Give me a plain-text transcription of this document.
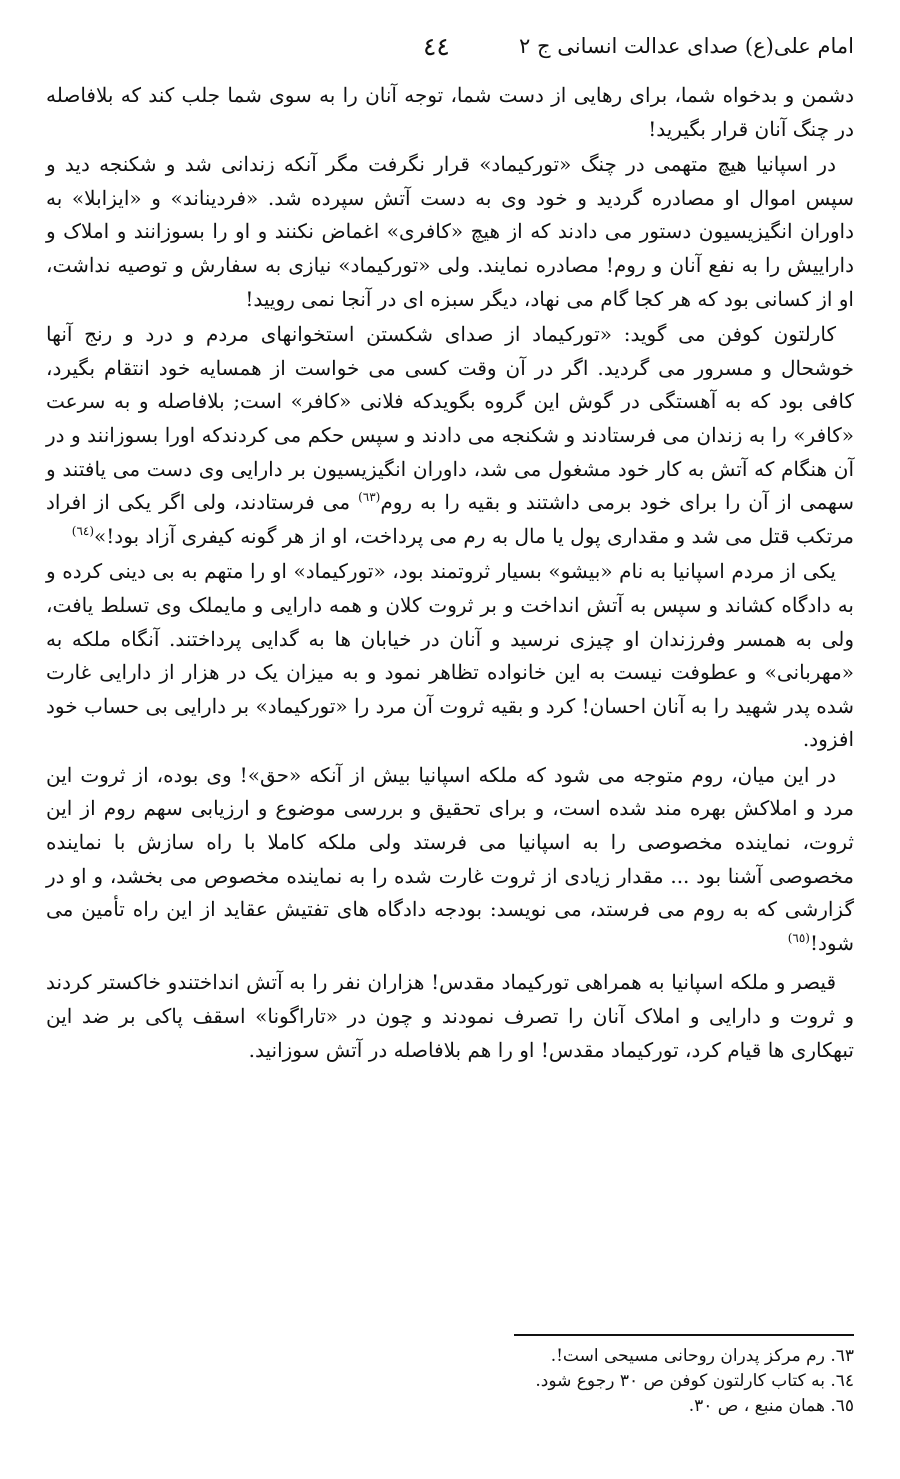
امام علی(ع) صدای عدالت انسانی ج ۲
٤٤

دشمن و بدخواه شما، برای رهایی از دست شما، توجه آنان را به سوی شما جلب کند که بلافاصله در چنگ آنان قرار بگیرید!

در اسپانیا هیچ متهمی در چنگ «تورکیماد» قرار نگرفت مگر آنکه زندانی شد و شکنجه دید و سپس اموال او مصادره گردید و خود وی به دست آتش سپرده شد. «فردیناند» و «ایزابلا» به داوران انگیزیسیون دستور می دادند که از هیچ «کافری» اغماض نکنند و او را بسوزانند و املاک و داراییش را به نفع آنان و روم! مصادره نمایند. ولی «تورکیماد» نیازی به سفارش و توصیه نداشت، او از کسانی بود که هر کجا گام می نهاد، دیگر سبزه ای در آنجا نمی رویید!

کارلتون کوفن می گوید: «تورکیماد از صدای شکستن استخوانهای مردم و درد و رنج آنها خوشحال و مسرور می گردید. اگر در آن وقت کسی می خواست از همسایه خود انتقام بگیرد، کافی بود که به آهستگی در گوش این گروه بگویدکه فلانی «کافر» است; بلافاصله و به سرعت «کافر» را به زندان می فرستادند و شکنجه می دادند و سپس حکم می کردندکه اورا بسوزانند و در آن هنگام که آتش به کار خود مشغول می شد، داوران انگیزیسیون بر دارایی وی دست می یافتند و سهمی از آن را برای خود برمی داشتند و بقیه را به روم$^{(٦٣)}$ می فرستادند، ولی اگر یکی از افراد مرتکب قتل می شد و مقداری پول یا مال به رم می پرداخت، او از هر گونه کیفری آزاد بود!»$^{(٦٤)}$

یکی از مردم اسپانیا به نام «بیشو» بسیار ثروتمند بود، «تورکیماد» او را متهم به بی دینی کرده و به دادگاه کشاند و سپس به آتش انداخت و بر ثروت کلان و همه دارایی و مایملک وی تسلط یافت، ولی به همسر وفرزندان او چیزی نرسید و آنان در خیابان ها به گدایی پرداختند. آنگاه ملکه به «مهربانی» و عطوفت نیست به این خانواده تظاهر نمود و به میزان یک در هزار از دارایی غارت شده پدر شهید را به آنان احسان! کرد و بقیه ثروت آن مرد را «تورکیماد» بر دارایی بی حساب خود افزود.

در این میان، روم متوجه می شود که ملکه اسپانیا بیش از آنکه «حق»! وی بوده، از ثروت این مرد و املاکش بهره مند شده است، و برای تحقیق و بررسی موضوع و ارزیابی سهم روم از این ثروت، نماینده مخصوصی را به اسپانیا می فرستد ولی ملکه کاملا با راه سازش با نماینده مخصوصی آشنا بود ... مقدار زیادی از ثروت غارت شده را به نماینده مخصوص می بخشد، و او در گزارشی که به روم می فرستد، می نویسد: بودجه دادگاه های تفتیش عقاید از این راه تأمین می شود!$^{(٦٥)}$

قیصر و ملکه اسپانیا به همراهی تورکیماد مقدس! هزاران نفر را به آتش انداختندو خاکستر کردند و ثروت و دارایی و املاک آنان را تصرف نمودند و چون در «تاراگونا» اسقف پاکی بر ضد این تبهکاری ها قیام کرد، تورکیماد مقدس! او را هم بلافاصله در آتش سوزانید.

٦٣. رم مرکز پدران روحانی مسیحی است!.
٦٤. به کتاب کارلتون کوفن ص ۳۰ رجوع شود.
٦٥. همان منبع ، ص ۳۰.
